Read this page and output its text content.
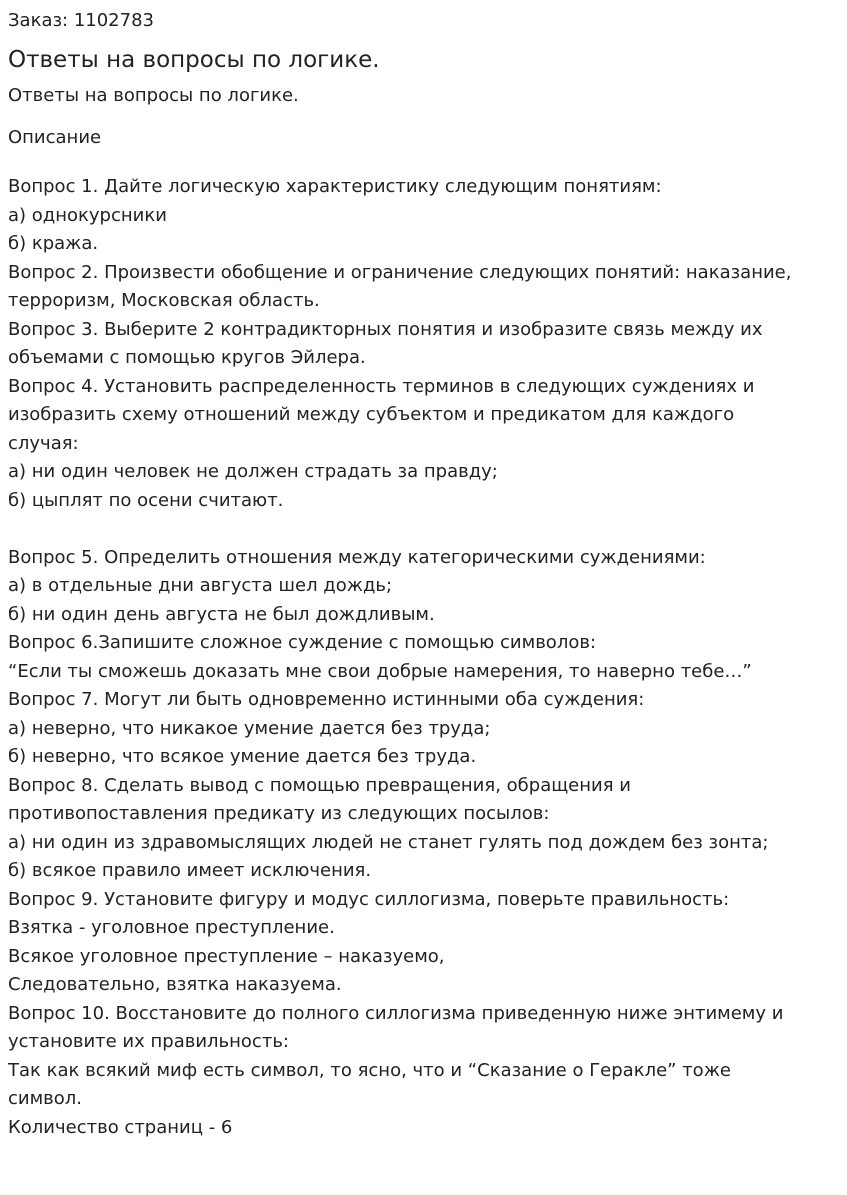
Заказ: 1102783

Ответы на вопросы по логике.

Ответы на вопросы по логике.

Описание
Вопрос 1. Дайте логическую характеристику следующим понятиям:
а) однокурсники
б) кража.
Вопрос 2. Произвести обобщение и ограничение следующих понятий: наказание,
терроризм, Московская область.
Вопрос 3. Выберите 2 контрадикторных понятия и изобразите связь между их
объемами с помощью кругов Эйлера.
Вопрос 4. Установить распределенность терминов в следующих суждениях и
изобразить схему отношений между субъектом и предикатом для каждого
случая:
а) ни один человек не должен страдать за правду;
б) цыплят по осени считают.
Вопрос 5. Определить отношения между категорическими суждениями:
а) в отдельные дни августа шел дождь;
б) ни один день августа не был дождливым.
Вопрос 6.Запишите сложное суждение с помощью символов:
“Если ты сможешь доказать мне свои добрые намерения, то наверно тебе…”
Вопрос 7. Могут ли быть одновременно истинными оба суждения:
а) неверно, что никакое умение дается без труда;
б) неверно, что всякое умение дается без труда.
Вопрос 8. Сделать вывод с помощью превращения, обращения и
противопоставления предикату из следующих посылов:
а) ни один из здравомыслящих людей не станет гулять под дождем без зонта;
б) всякое правило имеет исключения.
Вопрос 9. Установите фигуру и модус силлогизма, поверьте правильность:
Взятка - уголовное преступление.
Всякое уголовное преступление – наказуемо,
Следовательно, взятка наказуема.
Вопрос 10. Восстановите до полного силлогизма приведенную ниже энтимему и
установите их правильность:
Так как всякий миф есть символ, то ясно, что и “Сказание о Геракле” тоже
символ.
Количество страниц - 6
